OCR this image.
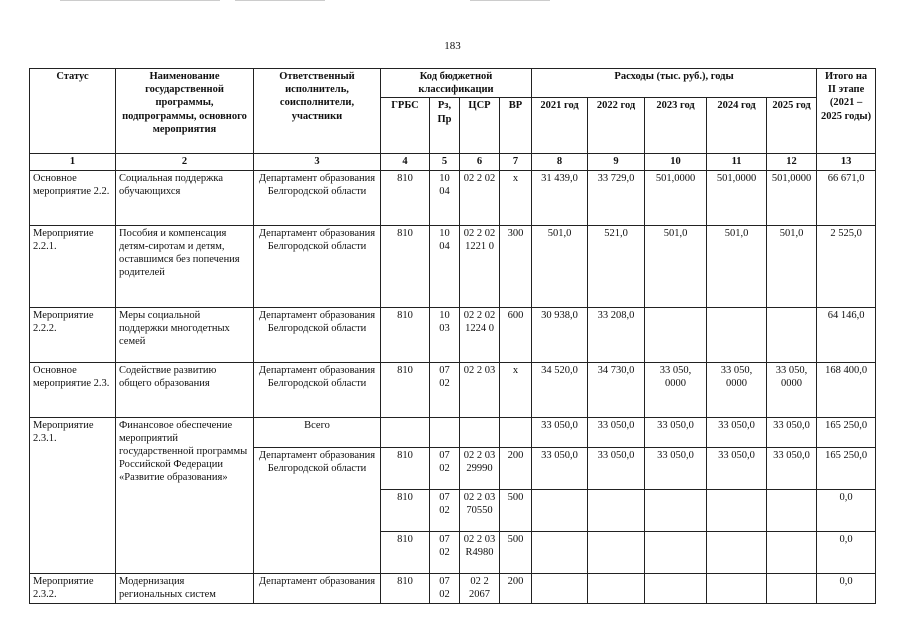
183
Статус	Наименование государственной программы, подпрограммы, основного мероприятия	Ответственный исполнитель, соисполнители, участники	Код бюджетной классификации				Расходы (тыс. руб.), годы					Итого на II этапе (2021 – 2025 годы)
			ГРБС	Рз, Пр	ЦСР	ВР	2021 год	2022 год	2023 год	2024 год	2025 год	
1	2	3	4	5	6	7	8	9	10	11	12	13
Основное мероприятие 2.2.	Социальная поддержка обучающихся	Департамент образования Белгородской области	810	10 04	02 2 02	х	31 439,0	33 729,0	501,0000	501,0000	501,0000	66 671,0
Мероприятие 2.2.1.	Пособия и компенсация детям-сиротам и детям, оставшимся без попечения родителей	Департамент образования Белгородской области	810	10 04	02 2 02 1221 0	300	501,0	521,0	501,0	501,0	501,0	2 525,0
Мероприятие 2.2.2.	Меры социальной поддержки многодетных семей	Департамент образования Белгородской области	810	10 03	02 2 02 1224 0	600	30 938,0	33 208,0				64 146,0
Основное мероприятие 2.3.	Содействие развитию общего образования	Департамент образования Белгородской области	810	07 02	02 2 03	х	34 520,0	34 730,0	33 050, 0000	33 050, 0000	33 050, 0000	168 400,0
Мероприятие 2.3.1.	Финансовое обеспечение мероприятий государственной программы Российской Федерации «Развитие образования»	Всего					33 050,0	33 050,0	33 050,0	33 050,0	33 050,0	165 250,0
		Департамент образования Белгородской области	810	07 02	02 2 03 29990	200	33 050,0	33 050,0	33 050,0	33 050,0	33 050,0	165 250,0
			810	07 02	02 2 03 70550	500						0,0
			810	07 02	02 2 03 R4980	500						0,0
Мероприятие 2.3.2.	Модернизация региональных систем	Департамент образования	810	07 02	02 2 2067	200						0,0
